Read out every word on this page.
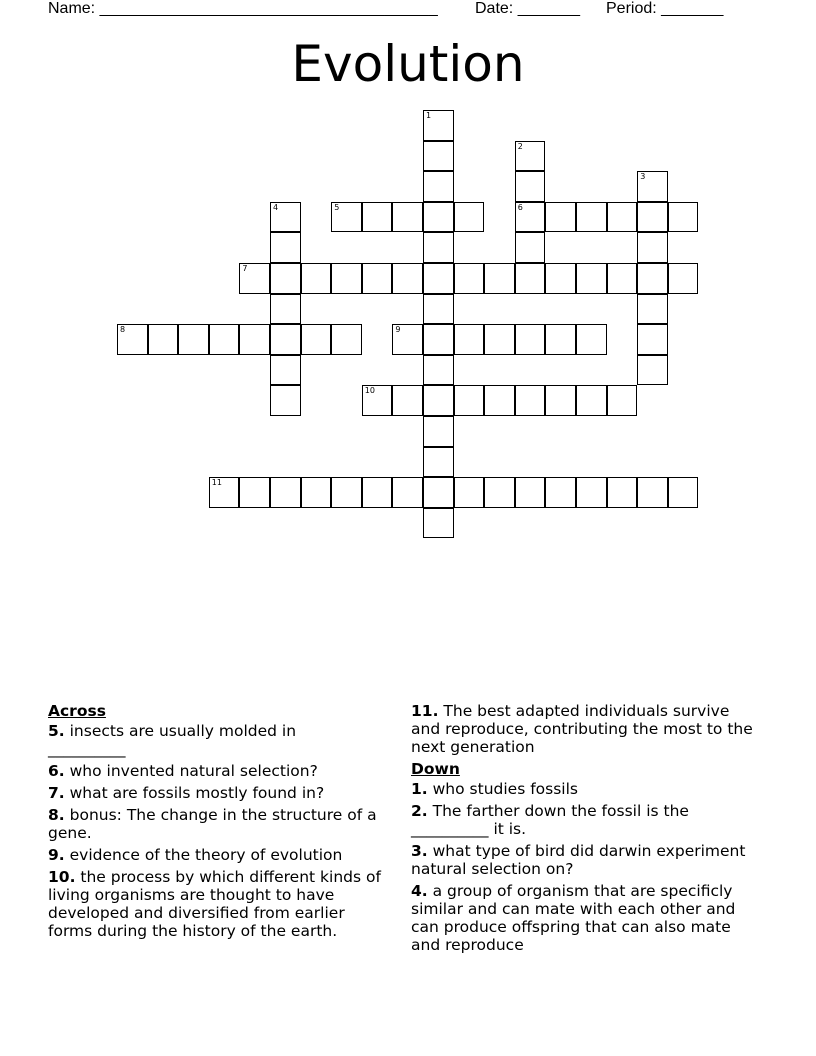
Name: ______________________________________ Date: _______ Period: _______
Evolution
1
2
6
3
4	5
7
8	9
10
11
Across
5. insects are usually molded in
__________
6. who invented natural selection?
7. what are fossils mostly found in?
8. bonus: The change in the structure of a gene.
9. evidence of the theory of evolution
10. the process by which different kinds of living organisms are thought to have developed and diversified from earlier forms during the history of the earth.
11. The best adapted individuals survive and reproduce, contributing the most to the next generation
Down
1. who studies fossils
2. The farther down the fossil is the
__________ it is.
3. what type of bird did darwin experiment natural selection on?
4. a group of organism that are specificly similar and can mate with each other and can produce offspring that can also mate and reproduce
